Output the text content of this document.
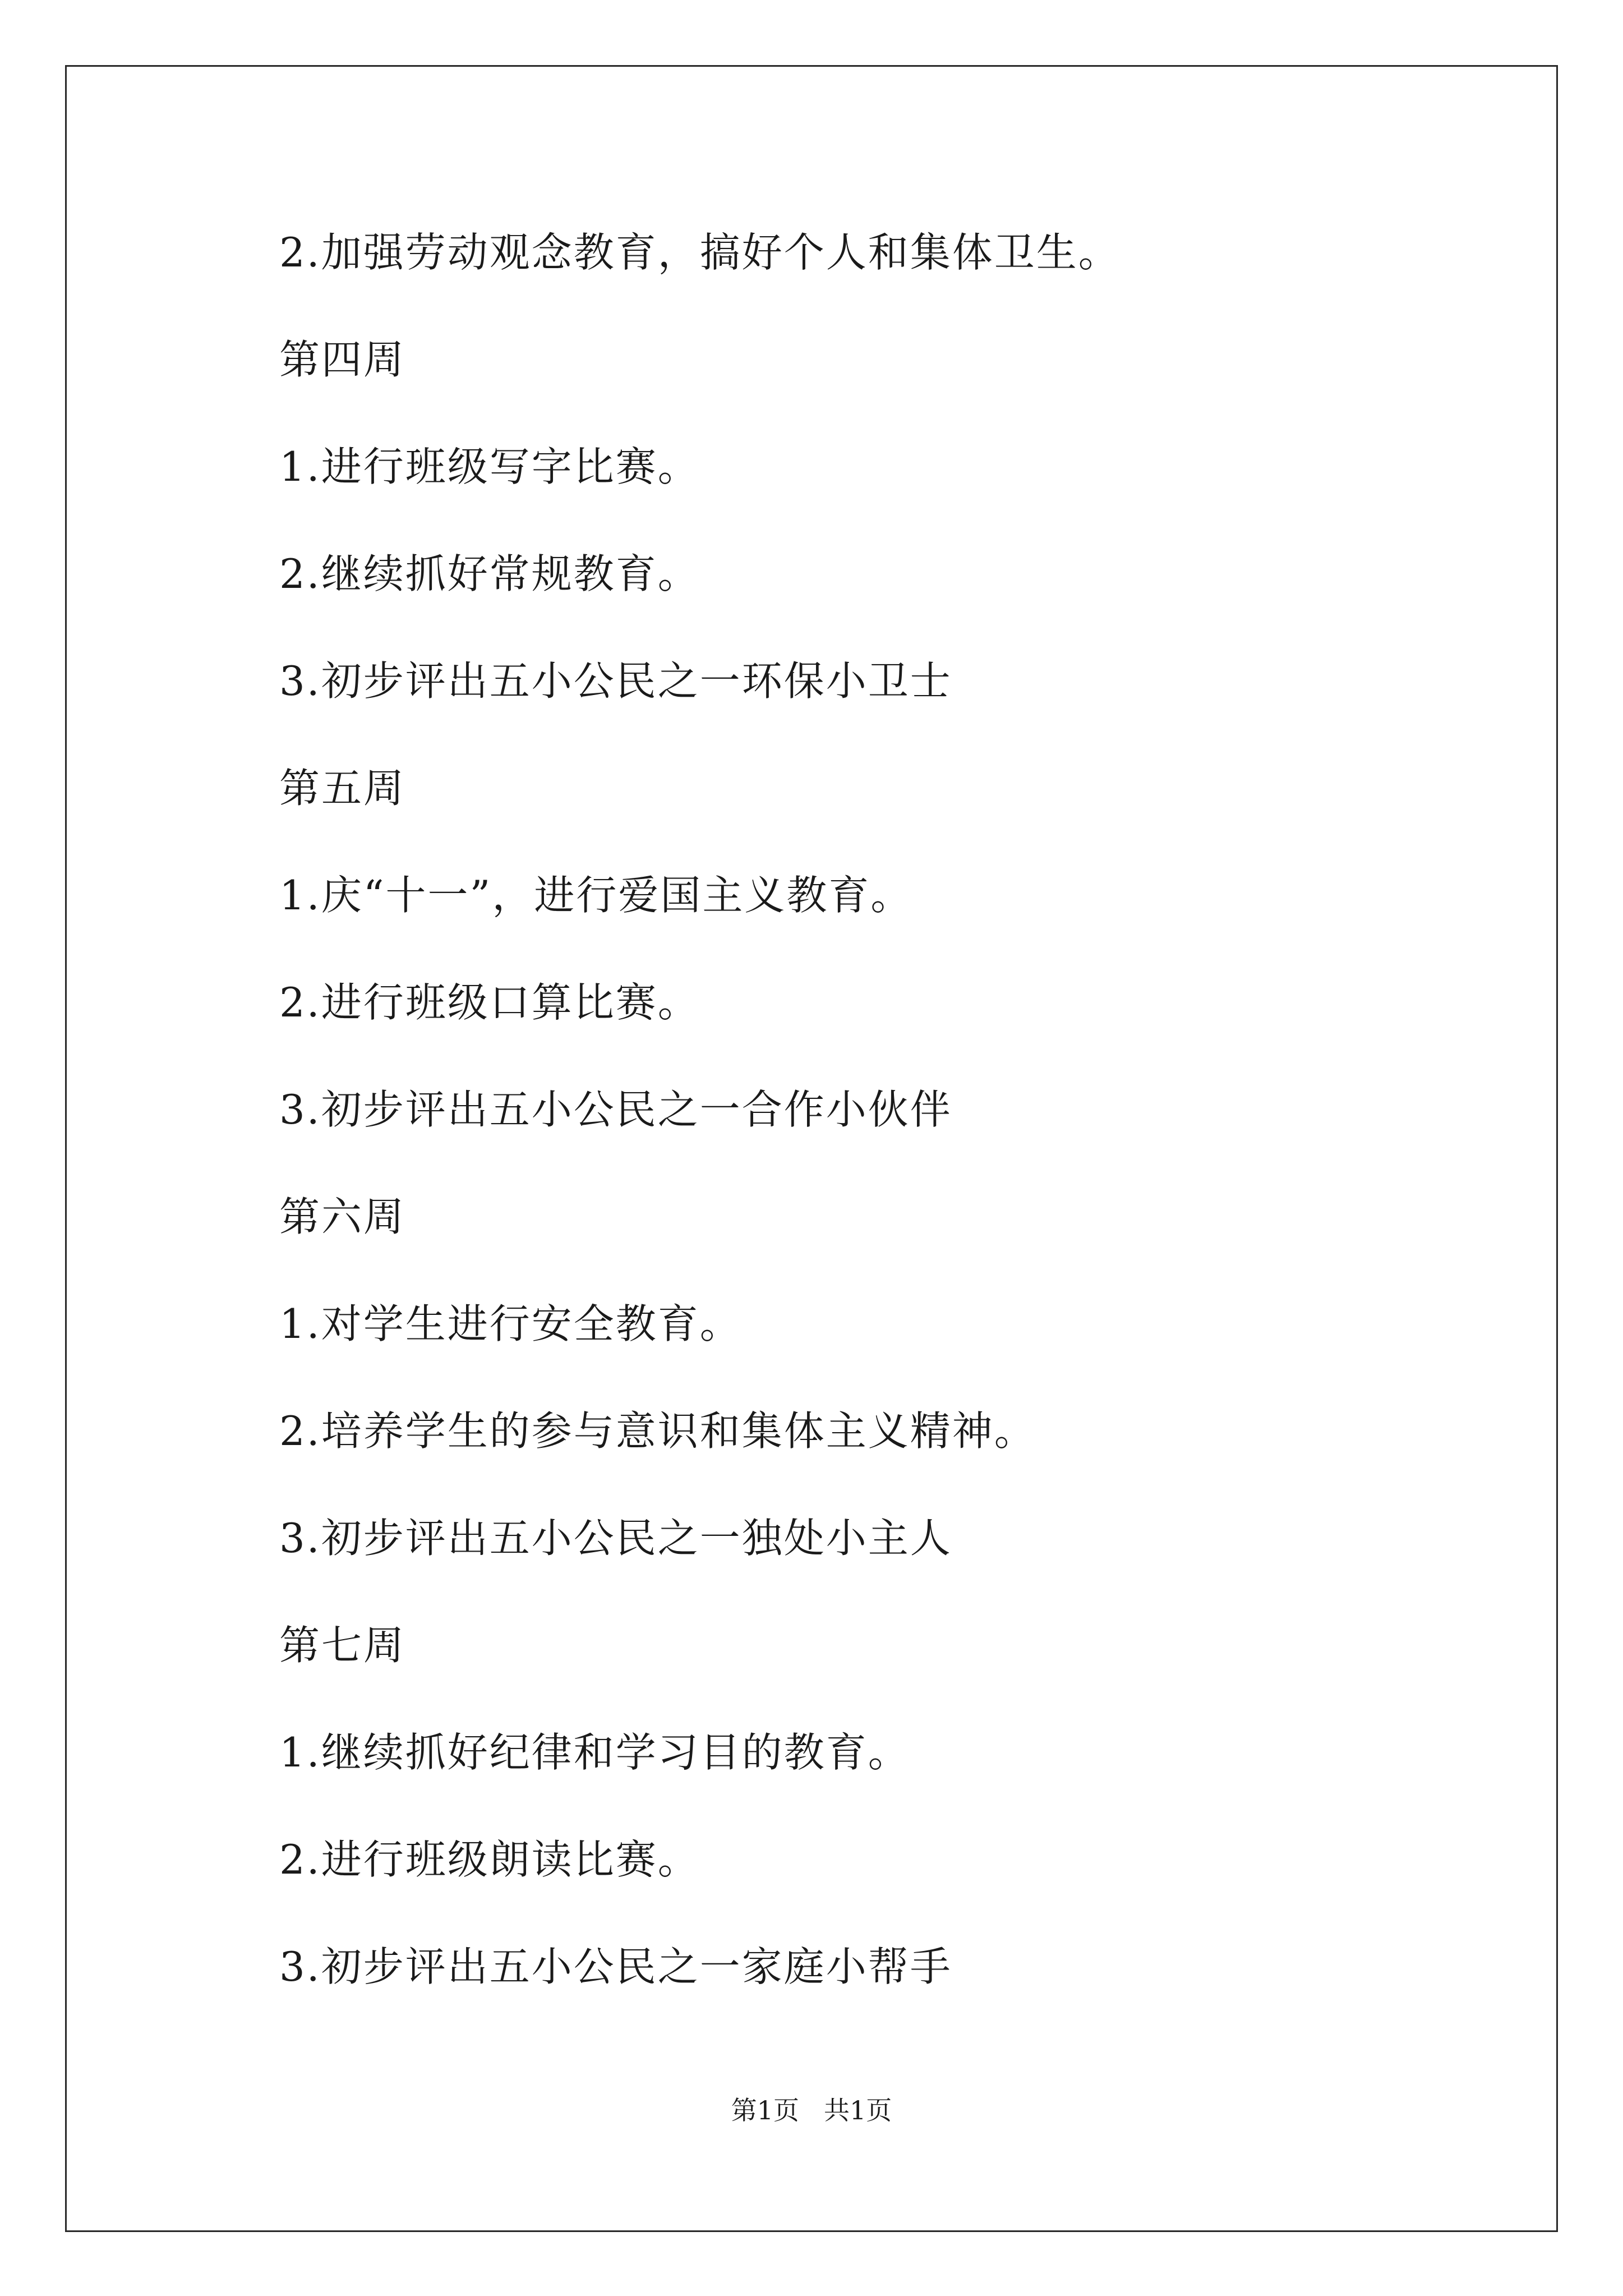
2.加强劳动观念教育，搞好个人和集体卫生。
第四周
1.进行班级写字比赛。
2.继续抓好常规教育。
3.初步评出五小公民之一环保小卫士
第五周
1.庆“十一”，进行爱国主义教育。
2.进行班级口算比赛。
3.初步评出五小公民之一合作小伙伴
第六周
1.对学生进行安全教育。
2.培养学生的参与意识和集体主义精神。
3.初步评出五小公民之一独处小主人
第七周
1.继续抓好纪律和学习目的教育。
2.进行班级朗读比赛。
3.初步评出五小公民之一家庭小帮手
第1页 共1页
